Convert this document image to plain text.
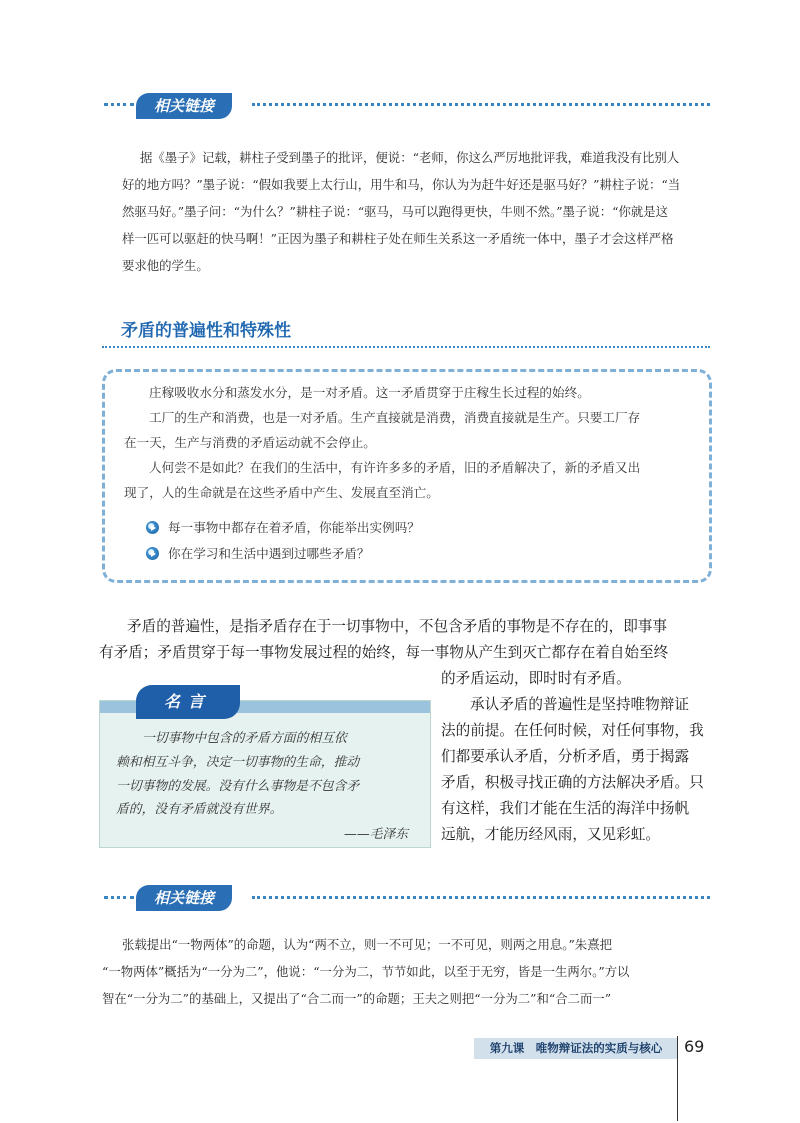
相关链接
据《墨子》记载，耕柱子受到墨子的批评，便说：“老师，你这么严厉地批评我，难道我没有比别人
好的地方吗？”墨子说：“假如我要上太行山，用牛和马，你认为为赶牛好还是驱马好？”耕柱子说：“当
然驱马好。”墨子问：“为什么？”耕柱子说：“驱马，马可以跑得更快，牛则不然。”墨子说：“你就是这
样一匹可以驱赶的快马啊！”正因为墨子和耕柱子处在师生关系这一矛盾统一体中，墨子才会这样严格
要求他的学生。
矛盾的普遍性和特殊性
庄稼吸收水分和蒸发水分，是一对矛盾。这一矛盾贯穿于庄稼生长过程的始终。
工厂的生产和消费，也是一对矛盾。生产直接就是消费，消费直接就是生产。只要工厂存
在一天，生产与消费的矛盾运动就不会停止。
人何尝不是如此？在我们的生活中，有许许多多的矛盾，旧的矛盾解决了，新的矛盾又出
现了，人的生命就是在这些矛盾中产生、发展直至消亡。
每一事物中都存在着矛盾，你能举出实例吗？
你在学习和生活中遇到过哪些矛盾？
矛盾的普遍性，是指矛盾存在于一切事物中，不包含矛盾的事物是不存在的，即事事
有矛盾；矛盾贯穿于每一事物发展过程的始终，每一事物从产生到灭亡都存在着自始至终
的矛盾运动，即时时有矛盾。
承认矛盾的普遍性是坚持唯物辩证
法的前提。在任何时候，对任何事物，我
们都要承认矛盾，分析矛盾，勇于揭露
矛盾，积极寻找正确的方法解决矛盾。只
有这样，我们才能在生活的海洋中扬帆
远航，才能历经风雨，又见彩虹。
名言
一切事物中包含的矛盾方面的相互依
赖和相互斗争，决定一切事物的生命，推动
一切事物的发展。没有什么事物是不包含矛
盾的，没有矛盾就没有世界。
——毛泽东
相关链接
张载提出“一物两体”的命题，认为“两不立，则一不可见；一不可见，则两之用息。”朱熹把
“一物两体”概括为“一分为二”，他说：“一分为二，节节如此，以至于无穷，皆是一生两尔。”方以
智在“一分为二”的基础上，又提出了“合二而一”的命题；王夫之则把“一分为二”和“合二而一”
第九课　唯物辩证法的实质与核心	69
